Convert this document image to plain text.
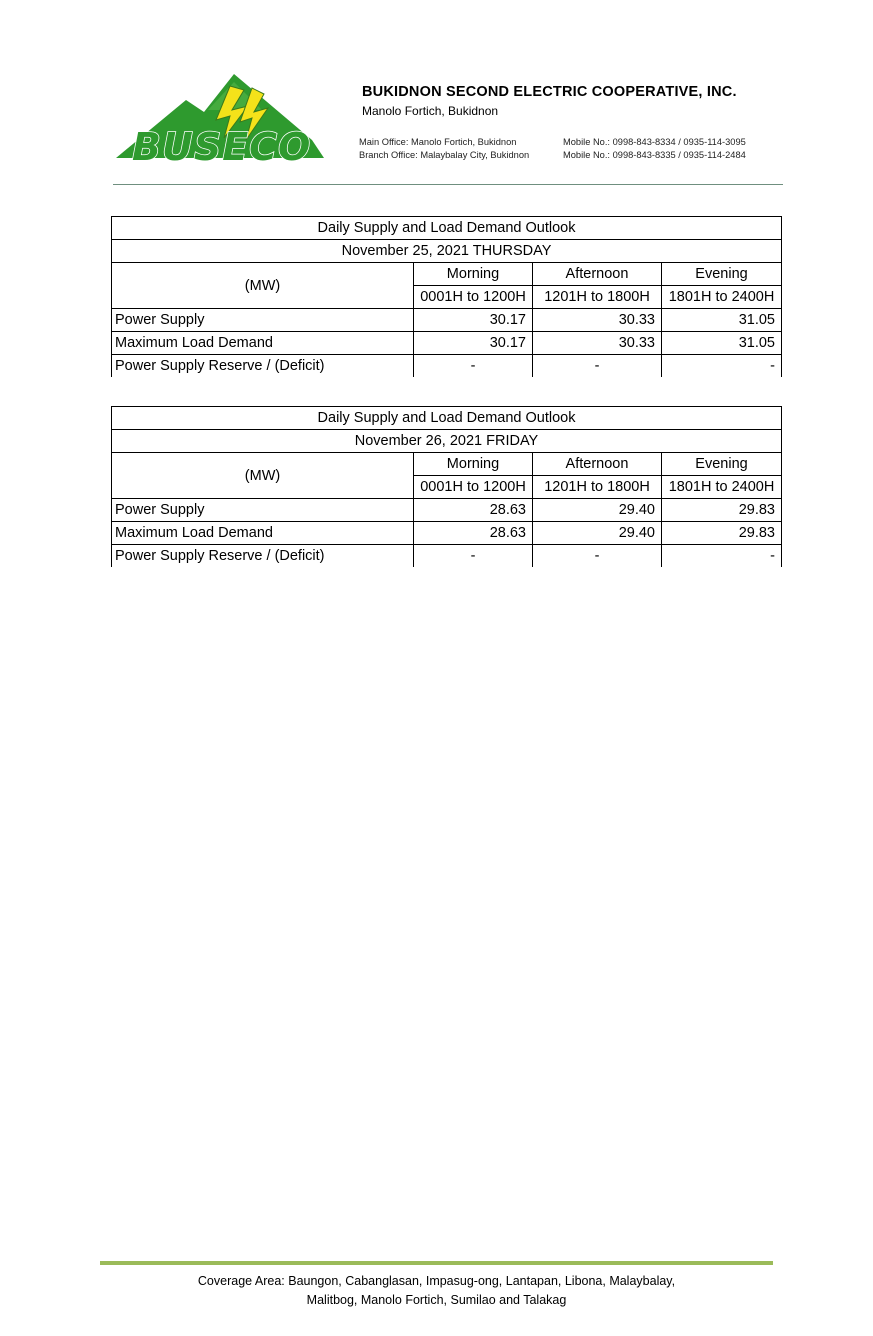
BUSECO
BUKIDNON SECOND ELECTRIC COOPERATIVE, INC.
Manolo Fortich, Bukidnon
Main Office: Manolo Fortich, Bukidnon	Mobile No.: 0998-843-8334 / 0935-114-3095
Branch Office: Malaybalay City, Bukidnon	Mobile No.: 0998-843-8335 / 0935-114-2484
Daily Supply and Load Demand Outlook			
November 25, 2021 THURSDAY			
(MW)	Morning	Afternoon	Evening
	0001H to 1200H	1201H to 1800H	1801H to 2400H
Power Supply	30.17	30.33	31.05
Maximum Load Demand	30.17	30.33	31.05
Power Supply Reserve / (Deficit)	-	-	-
Daily Supply and Load Demand Outlook			
November 26, 2021 FRIDAY			
(MW)	Morning	Afternoon	Evening
	0001H to 1200H	1201H to 1800H	1801H to 2400H
Power Supply	28.63	29.40	29.83
Maximum Load Demand	28.63	29.40	29.83
Power Supply Reserve / (Deficit)	-	-	-
Coverage Area: Baungon, Cabanglasan, Impasug-ong, Lantapan, Libona, Malaybalay,
Malitbog, Manolo Fortich, Sumilao and Talakag
